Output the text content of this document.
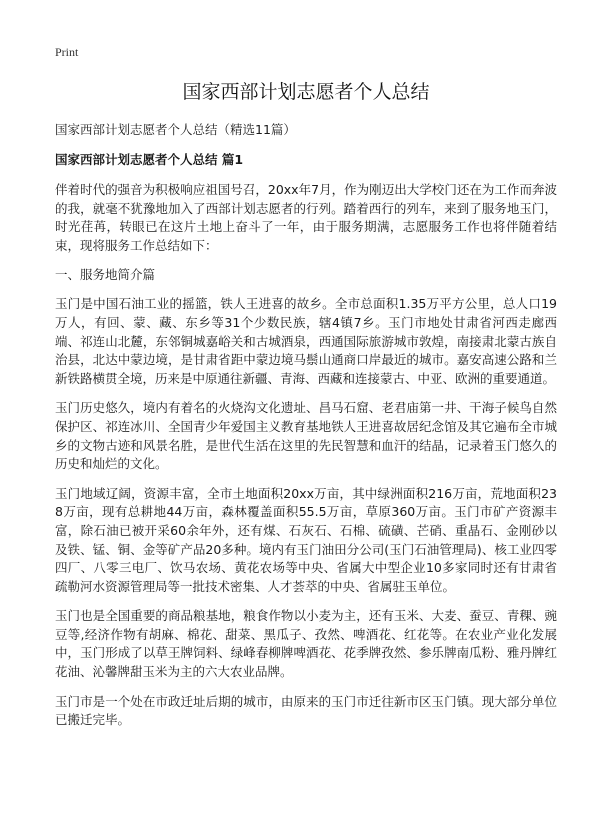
Print
国家西部计划志愿者个人总结

国家西部计划志愿者个人总结（精选11篇）

国家西部计划志愿者个人总结 篇1

伴着时代的强音为积极响应祖国号召，20xx年7月，作为刚迈出大学校门还在为工作而奔波的我，就毫不犹豫地加入了西部计划志愿者的行列。踏着西行的列车，来到了服务地玉门，时光荏苒，转眼已在这片土地上奋斗了一年，由于服务期满，志愿服务工作也将伴随着结束，现将服务工作总结如下：

一、服务地简介篇

玉门是中国石油工业的摇篮，铁人王进喜的故乡。全市总面积1.35万平方公里，总人口19万人，有回、蒙、藏、东乡等31个少数民族，辖4镇7乡。玉门市地处甘肃省河西走廊西端、祁连山北麓，东邻铜城嘉峪关和古城酒泉，西通国际旅游城市敦煌，南接肃北蒙古族自治县，北达中蒙边境，是甘肃省距中蒙边境马鬃山通商口岸最近的城市。嘉安高速公路和兰新铁路横贯全境，历来是中原通往新疆、青海、西藏和连接蒙古、中亚、欧洲的重要通道。

玉门历史悠久，境内有着名的火烧沟文化遗址、昌马石窟、老君庙第一井、干海子候鸟自然保护区、祁连冰川、全国青少年爱国主义教育基地铁人王进喜故居纪念馆及其它遍布全市城乡的文物古迹和风景名胜，是世代生活在这里的先民智慧和血汗的结晶，记录着玉门悠久的历史和灿烂的文化。

玉门地域辽阔，资源丰富，全市土地面积20xx万亩，其中绿洲面积216万亩，荒地面积238万亩，现有总耕地44万亩，森林覆盖面积55.5万亩，草原360万亩。玉门市矿产资源丰富，除石油已被开采60余年外，还有煤、石灰石、石棉、硫磺、芒硝、重晶石、金刚砂以及铁、锰、铜、金等矿产品20多种。境内有玉门油田分公司(玉门石油管理局)、核工业四零四厂、八零三电厂、饮马农场、黄花农场等中央、省属大中型企业10多家同时还有甘肃省疏勒河水资源管理局等一批技术密集、人才荟萃的中央、省属驻玉单位。

玉门也是全国重要的商品粮基地，粮食作物以小麦为主，还有玉米、大麦、蚕豆、青稞、豌豆等,经济作物有胡麻、棉花、甜菜、黑瓜子、孜然、啤酒花、红花等。在农业产业化发展中，玉门形成了以草王牌饲料、绿峰春柳牌啤酒花、花季牌孜然、参乐牌南瓜粉、雅丹牌红花油、沁馨牌甜玉米为主的六大农业品牌。

玉门市是一个处在市政迁址后期的城市，由原来的玉门市迁往新市区玉门镇。现大部分单位已搬迁完毕。
